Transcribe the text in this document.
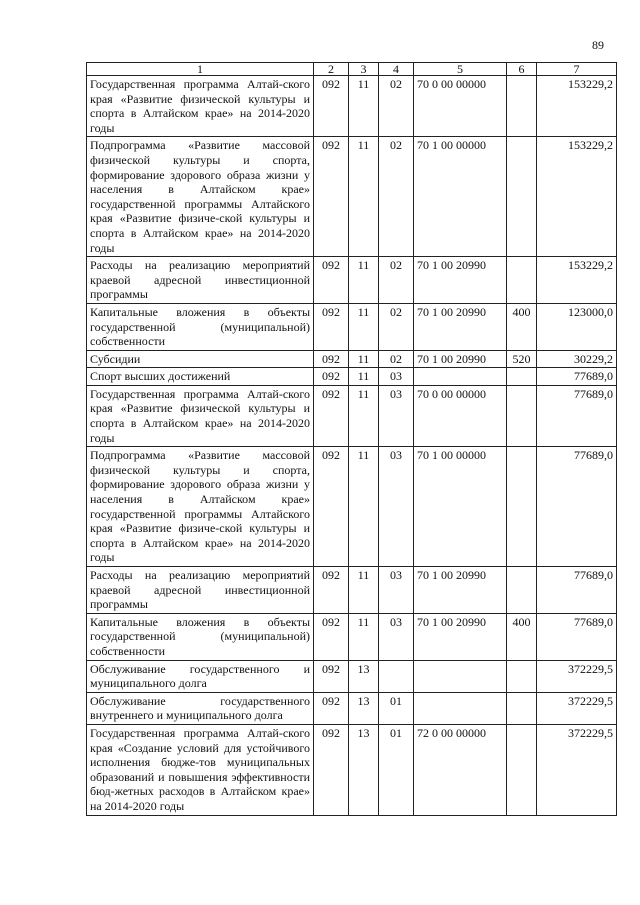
89
1	2	3	4	5	6	7
Государственная программа Алтай-ского края «Развитие физической культуры и спорта в Алтайском крае» на 2014-2020 годы	092	11	02	70 0 00 00000		153229,2
Подпрограмма «Развитие массовой физической культуры и спорта, формирование здорового образа жизни у населения в Алтайском крае» государственной программы Алтайского края «Развитие физиче-ской культуры и спорта в Алтайском крае» на 2014-2020 годы	092	11	02	70 1 00 00000		153229,2
Расходы на реализацию мероприятий краевой адресной инвестиционной программы	092	11	02	70 1 00 20990		153229,2
Капитальные вложения в объекты государственной (муниципальной) собственности	092	11	02	70 1 00 20990	400	123000,0
Субсидии	092	11	02	70 1 00 20990	520	30229,2
Спорт высших достижений	092	11	03			77689,0
Государственная программа Алтай-ского края «Развитие физической культуры и спорта в Алтайском крае» на 2014-2020 годы	092	11	03	70 0 00 00000		77689,0
Подпрограмма «Развитие массовой физической культуры и спорта, формирование здорового образа жизни у населения в Алтайском крае» государственной программы Алтайского края «Развитие физиче-ской культуры и спорта в Алтайском крае» на 2014-2020 годы	092	11	03	70 1 00 00000		77689,0
Расходы на реализацию мероприятий краевой адресной инвестиционной программы	092	11	03	70 1 00 20990		77689,0
Капитальные вложения в объекты государственной (муниципальной) собственности	092	11	03	70 1 00 20990	400	77689,0
Обслуживание государственного и муниципального долга	092	13				372229,5
Обслуживание государственного внутреннего и муниципального долга	092	13	01			372229,5
Государственная программа Алтай-ского края «Создание условий для устойчивого исполнения бюдже-тов муниципальных образований и повышения эффективности бюд-жетных расходов в Алтайском крае» на 2014-2020 годы	092	13	01	72 0 00 00000		372229,5
